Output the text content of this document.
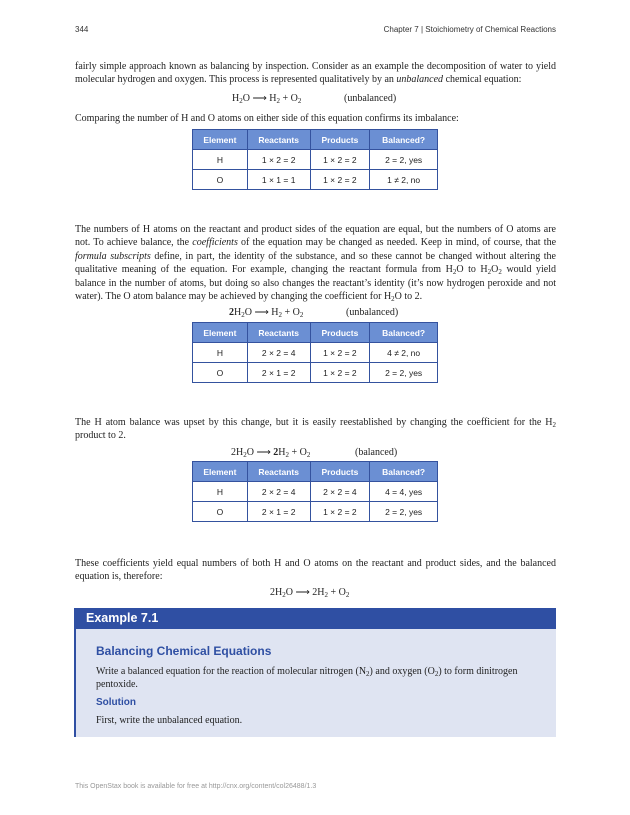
344	Chapter 7 | Stoichiometry of Chemical Reactions

fairly simple approach known as balancing by inspection. Consider as an example the decomposition of water to yield molecular hydrogen and oxygen. This process is represented qualitatively by an unbalanced chemical equation:

$H_2O$ ⟶ $H_2 + O_2$	(unbalanced)

Comparing the number of H and O atoms on either side of this equation confirms its imbalance:

Element	Reactants	Products	Balanced?
H	1 × 2 = 2	1 × 2 = 2	2 = 2, yes
O	1 × 1 = 1	1 × 2 = 2	1 ≠ 2, no

The numbers of H atoms on the reactant and product sides of the equation are equal, but the numbers of O atoms are not. To achieve balance, the coefficients of the equation may be changed as needed. Keep in mind, of course, that the formula subscripts define, in part, the identity of the substance, and so these cannot be changed without altering the qualitative meaning of the equation. For example, changing the reactant formula from $H_2O$ to $H_2O_2$ would yield balance in the number of atoms, but doing so also changes the reactant’s identity (it’s now hydrogen peroxide and not water). The O atom balance may be achieved by changing the coefficient for $H_2O$ to 2.

$2H_2O$ ⟶ $H_2 + O_2$	(unbalanced)
Element	Reactants	Products	Balanced?
H	2 × 2 = 4	1 × 2 = 2	4 ≠ 2, no
O	2 × 1 = 2	1 × 2 = 2	2 = 2, yes

The H atom balance was upset by this change, but it is easily reestablished by changing the coefficient for the $H_2$ product to 2.

$2H_2O$ ⟶ $2H_2 + O_2$	(balanced)
Element	Reactants	Products	Balanced?
H	2 × 2 = 4	2 × 2 = 4	4 = 4, yes
O	2 × 1 = 2	1 × 2 = 2	2 = 2, yes

These coefficients yield equal numbers of both H and O atoms on the reactant and product sides, and the balanced equation is, therefore:

$2H_2O$ ⟶ $2H_2 + O_2$
Example 7.1
Balancing Chemical Equations
Write a balanced equation for the reaction of molecular nitrogen $(N_2)$ and oxygen $(O_2)$ to form dinitrogen pentoxide.
Solution
First, write the unbalanced equation.
This OpenStax book is available for free at http://cnx.org/content/col26488/1.3
